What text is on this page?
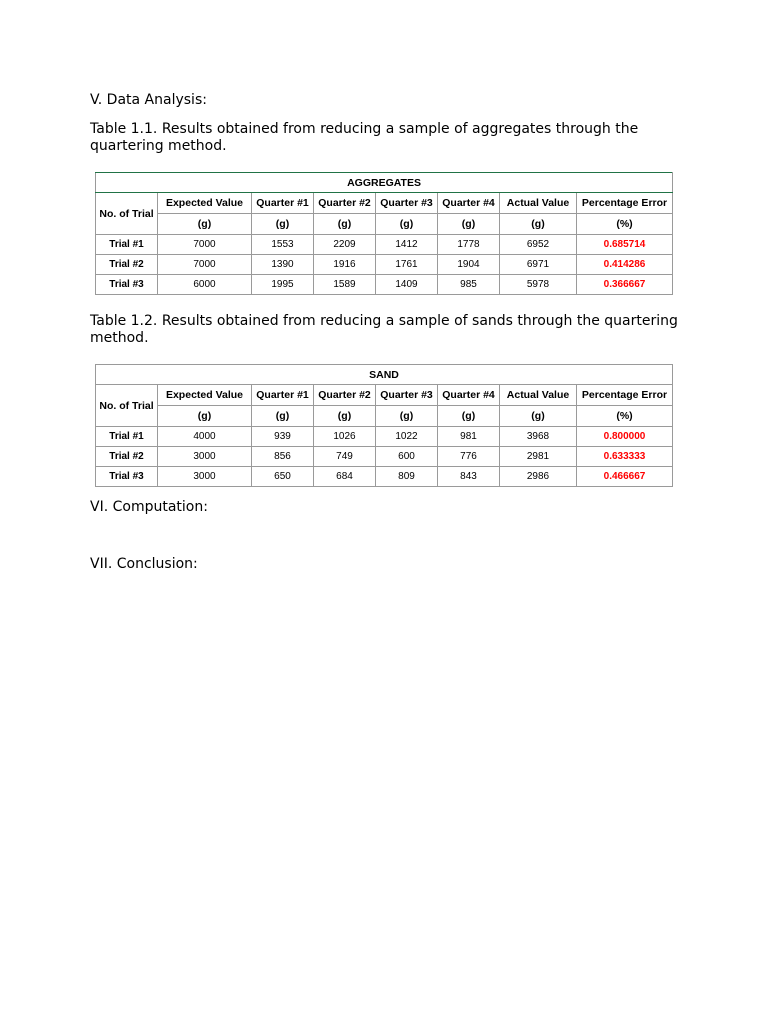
V. Data Analysis:

Table 1.1. Results obtained from reducing a sample of aggregates through the quartering method.

AGGREGATES							
No. of Trial	Expected Value	Quarter #1	Quarter #2	Quarter #3	Quarter #4	Actual Value	Percentage Error
	(g)	(g)	(g)	(g)	(g)	(g)	(%)
Trial #1	7000	1553	2209	1412	1778	6952	0.685714
Trial #2	7000	1390	1916	1761	1904	6971	0.414286
Trial #3	6000	1995	1589	1409	985	5978	0.366667

Table 1.2. Results obtained from reducing a sample of sands through the quartering method.

SAND							
No. of Trial	Expected Value	Quarter #1	Quarter #2	Quarter #3	Quarter #4	Actual Value	Percentage Error
	(g)	(g)	(g)	(g)	(g)	(g)	(%)
Trial #1	4000	939	1026	1022	981	3968	0.800000
Trial #2	3000	856	749	600	776	2981	0.633333
Trial #3	3000	650	684	809	843	2986	0.466667

VI. Computation:

VII. Conclusion:
